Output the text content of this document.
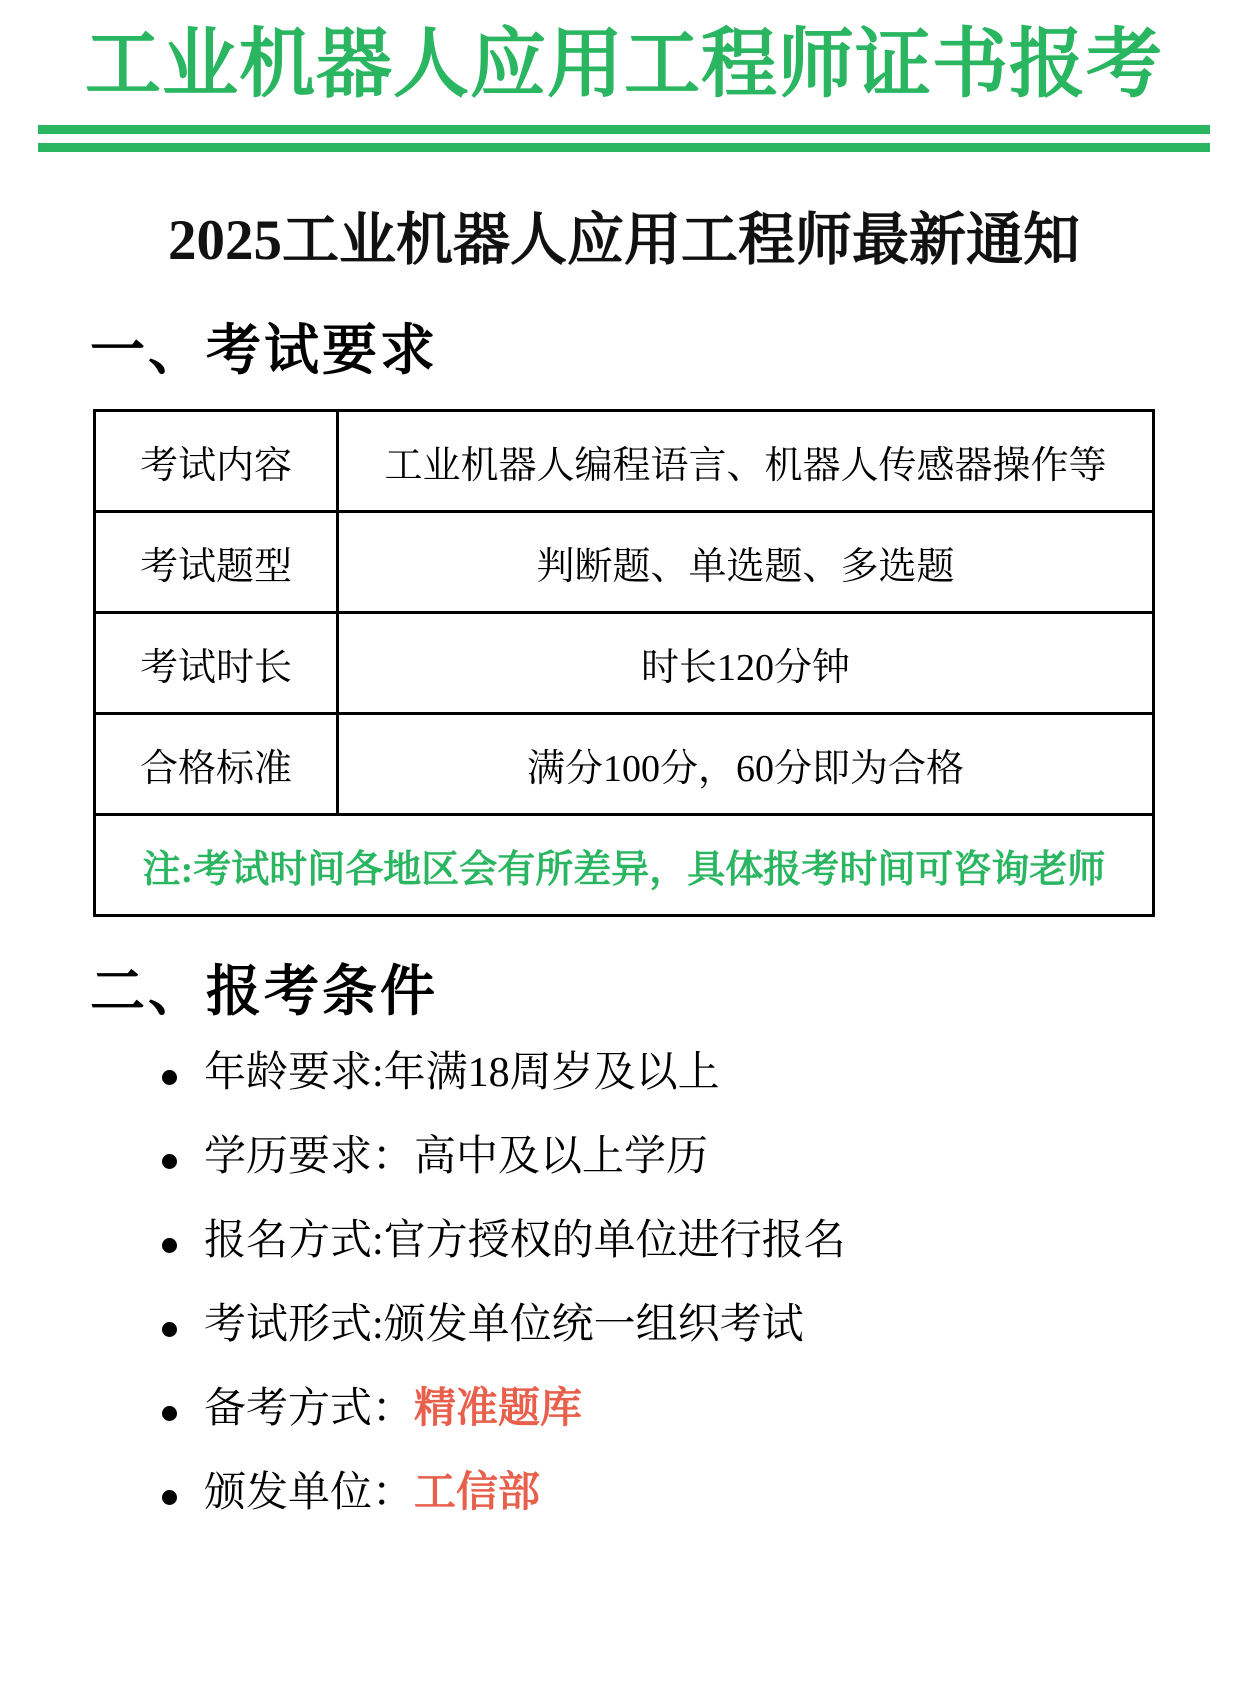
工业机器人应用工程师证书报考
2025工业机器人应用工程师最新通知
一、考试要求
考试内容	工业机器人编程语言、机器人传感器操作等
考试题型	判断题、单选题、多选题
考试时长	时长120分钟
合格标准	满分100分，60分即为合格
注:考试时间各地区会有所差异，具体报考时间可咨询老师	
二、报考条件
年龄要求:年满18周岁及以上
学历要求：高中及以上学历
报名方式:官方授权的单位进行报名
考试形式:颁发单位统一组织考试
备考方式：精准题库
颁发单位：工信部
